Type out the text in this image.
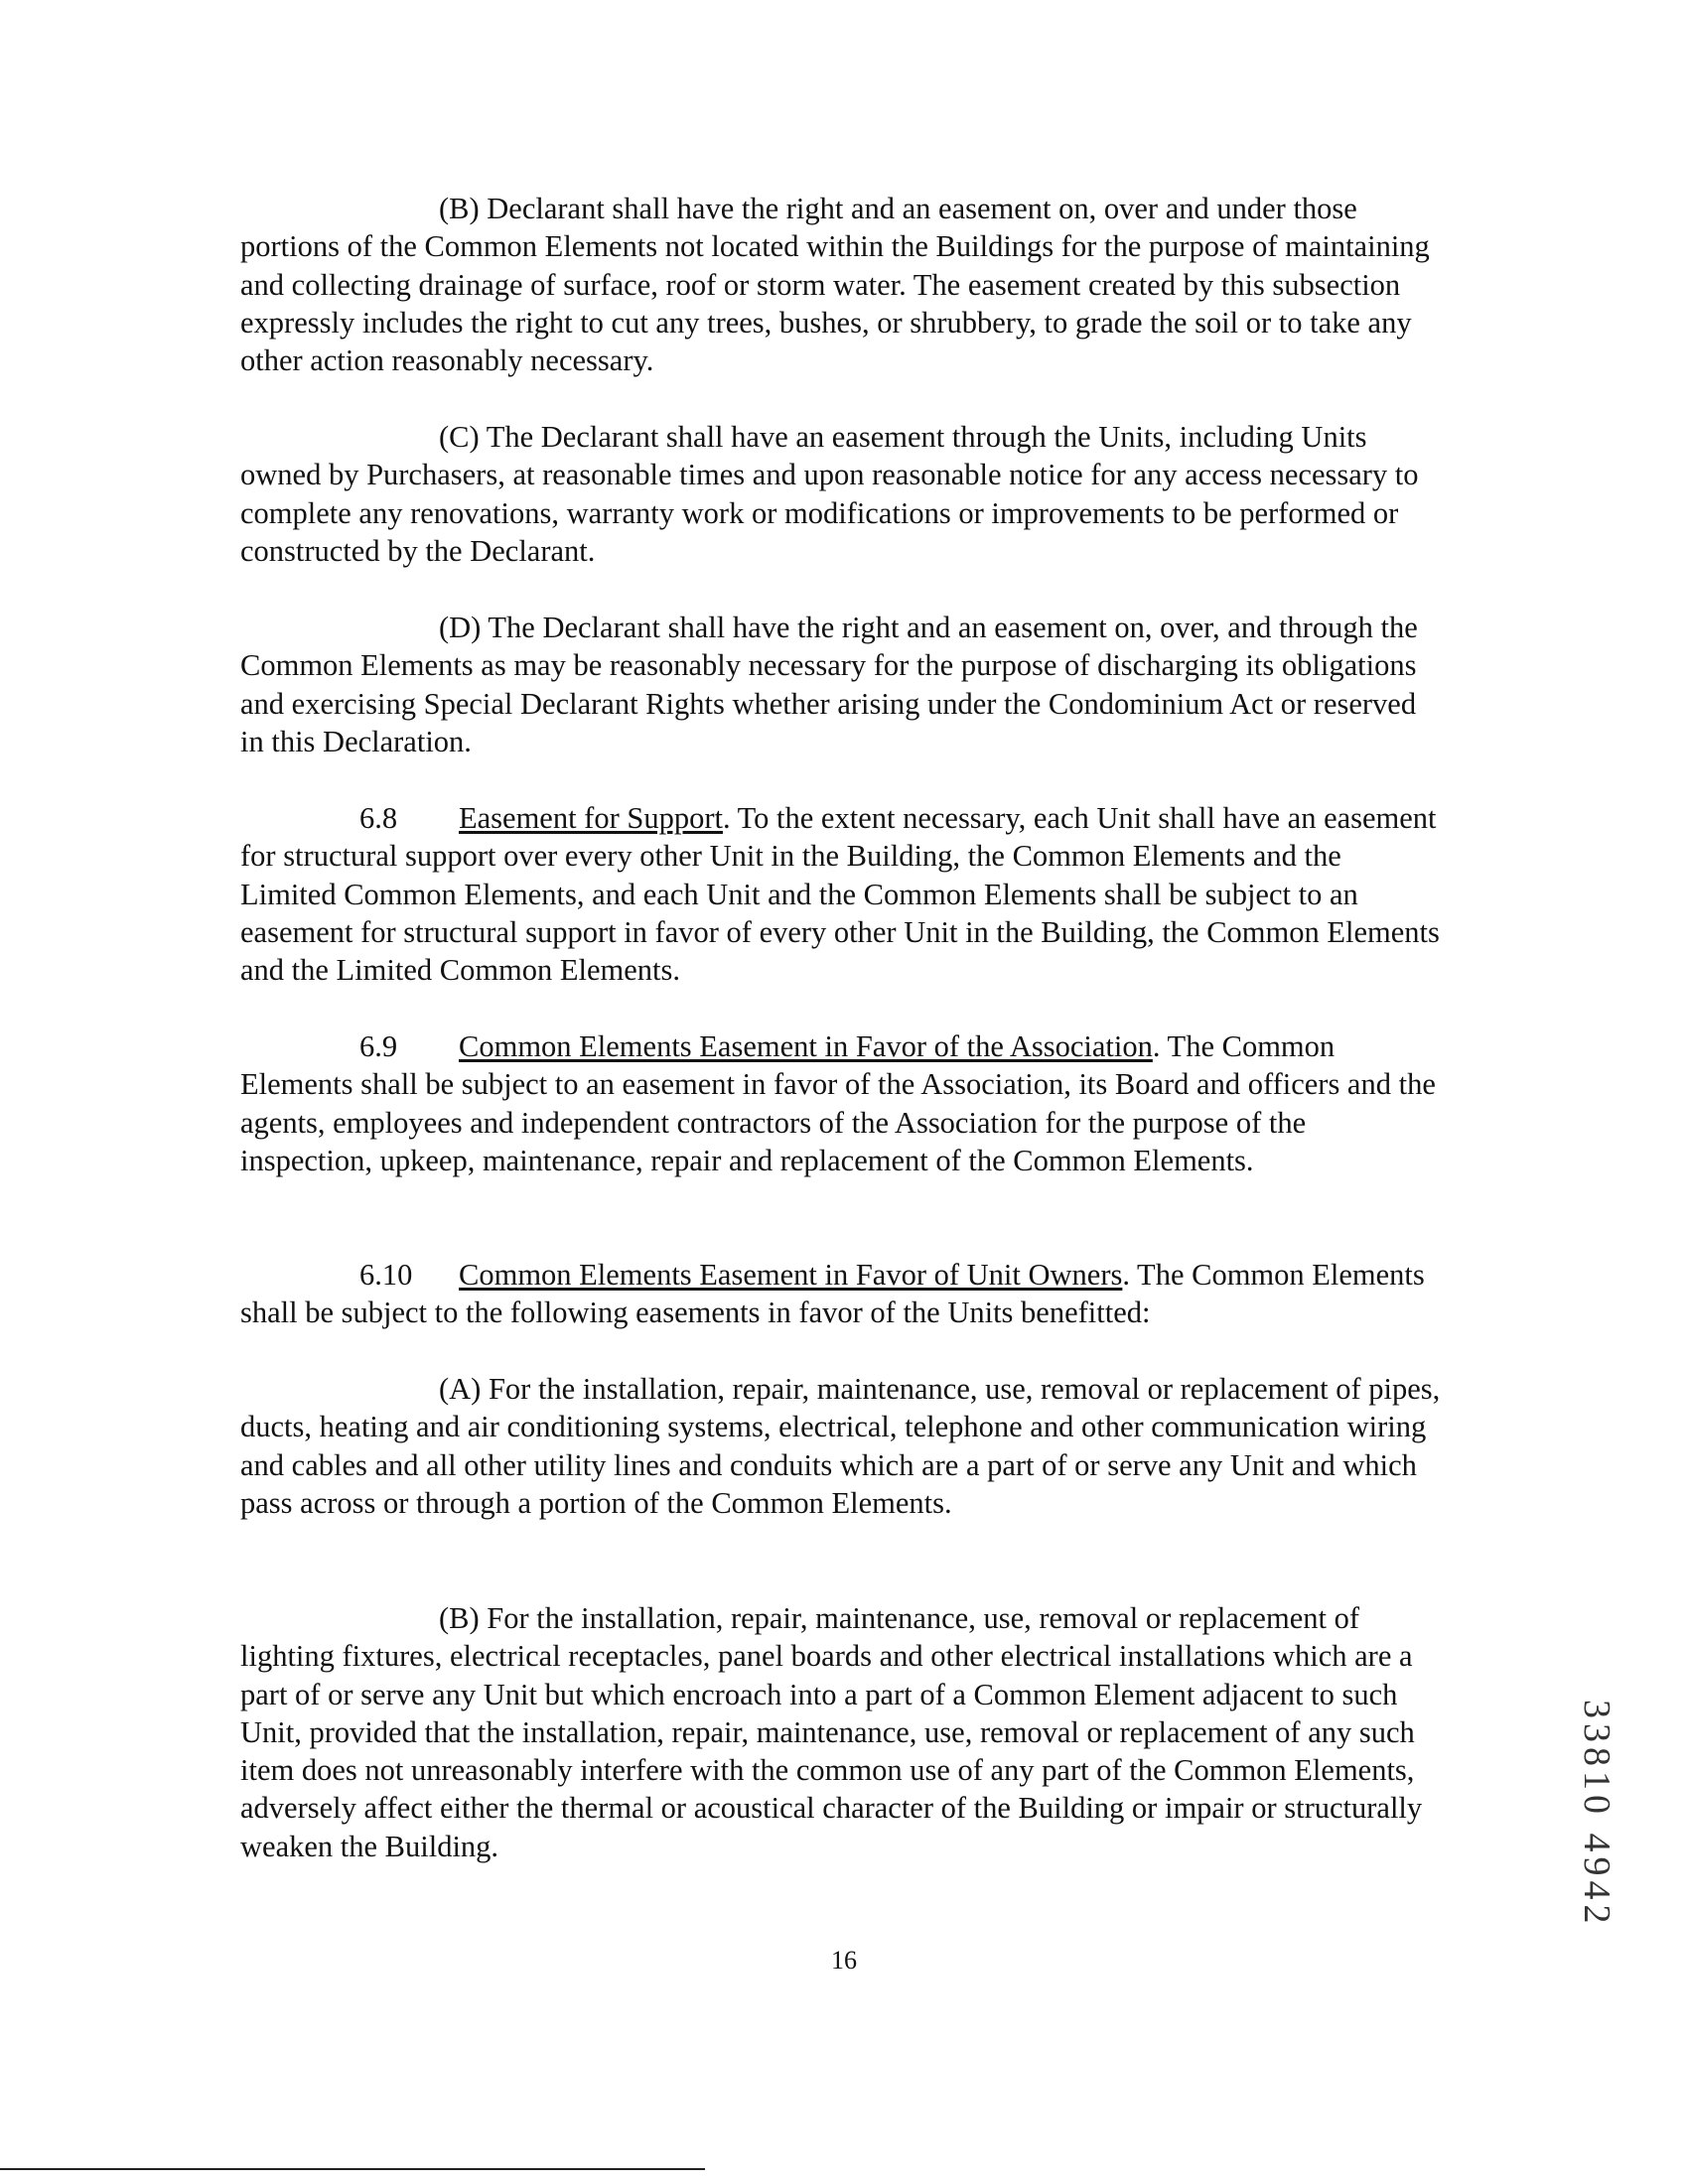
(B) Declarant shall have the right and an easement on, over and under those portions of the Common Elements not located within the Buildings for the purpose of maintaining and collecting drainage of surface, roof or storm water. The easement created by this subsection expressly includes the right to cut any trees, bushes, or shrubbery, to grade the soil or to take any other action reasonably necessary.

(C) The Declarant shall have an easement through the Units, including Units owned by Purchasers, at reasonable times and upon reasonable notice for any access necessary to complete any renovations, warranty work or modifications or improvements to be performed or constructed by the Declarant.

(D) The Declarant shall have the right and an easement on, over, and through the Common Elements as may be reasonably necessary for the purpose of discharging its obligations and exercising Special Declarant Rights whether arising under the Condominium Act or reserved in this Declaration.

6.8 Easement for Support. To the extent necessary, each Unit shall have an easement for structural support over every other Unit in the Building, the Common Elements and the Limited Common Elements, and each Unit and the Common Elements shall be subject to an easement for structural support in favor of every other Unit in the Building, the Common Elements and the Limited Common Elements.

6.9 Common Elements Easement in Favor of the Association. The Common Elements shall be subject to an easement in favor of the Association, its Board and officers and the agents, employees and independent contractors of the Association for the purpose of the inspection, upkeep, maintenance, repair and replacement of the Common Elements.

6.10 Common Elements Easement in Favor of Unit Owners. The Common Elements shall be subject to the following easements in favor of the Units benefitted:

(A) For the installation, repair, maintenance, use, removal or replacement of pipes, ducts, heating and air conditioning systems, electrical, telephone and other communication wiring and cables and all other utility lines and conduits which are a part of or serve any Unit and which pass across or through a portion of the Common Elements.

(B) For the installation, repair, maintenance, use, removal or replacement of lighting fixtures, electrical receptacles, panel boards and other electrical installations which are a part of or serve any Unit but which encroach into a part of a Common Element adjacent to such Unit, provided that the installation, repair, maintenance, use, removal or replacement of any such item does not unreasonably interfere with the common use of any part of the Common Elements, adversely affect either the thermal or acoustical character of the Building or impair or structurally weaken the Building.

16

33810 4942
